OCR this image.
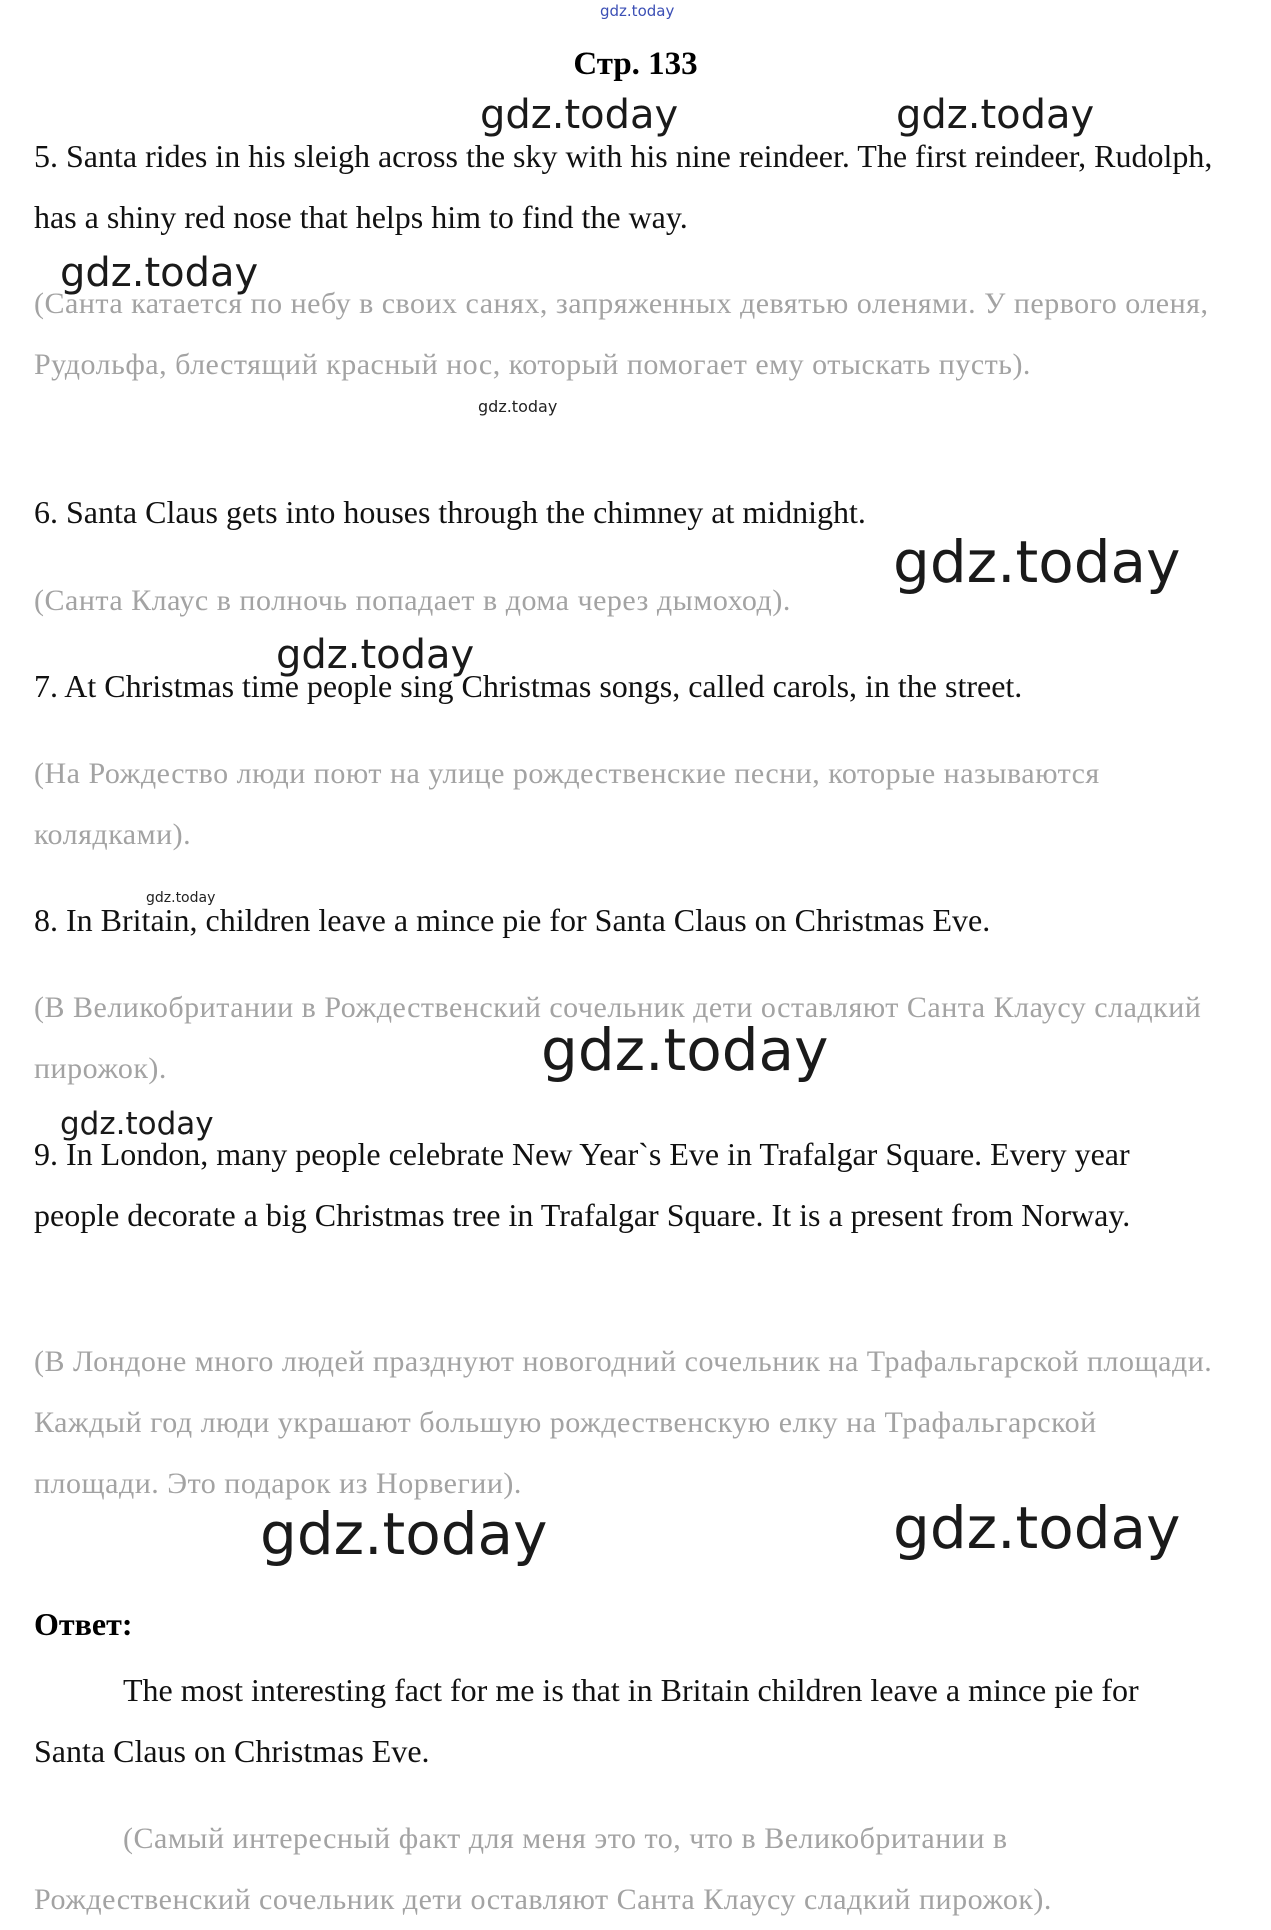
gdz.today
gdz.today	gdz.today
gdz.today
gdz.today
gdz.today
gdz.today
gdz.today
gdz.today
gdz.today
gdz.today	gdz.today
Стр. 133

5. Santa rides in his sleigh across the sky with his nine reindeer. The first reindeer, Rudolph, has a shiny red nose that helps him to find the way.

(Санта катается по небу в своих санях, запряженных девятью оленями. У первого оленя, Рудольфа, блестящий красный нос, который помогает ему отыскать пусть).

6. Santa Claus gets into houses through the chimney at midnight.

(Санта Клаус в полночь попадает в дома через дымоход).

7. At Christmas time people sing Christmas songs, called carols, in the street.

(На Рождество люди поют на улице рождественские песни, которые называются колядками).

8. In Britain, children leave a mince pie for Santa Claus on Christmas Eve.

(В Великобритании в Рождественский сочельник дети оставляют Санта Клаусу сладкий пирожок).

9. In London, many people celebrate New Year`s Eve in Trafalgar Square. Every year people decorate a big Christmas tree in Trafalgar Square. It is a present from Norway.

(В Лондоне много людей празднуют новогодний сочельник на Трафальгарской площади. Каждый год люди украшают большую рождественскую елку на Трафальгарской площади. Это подарок из Норвегии).

Ответ:

The most interesting fact for me is that in Britain children leave a mince pie for Santa Claus on Christmas Eve.

(Самый интересный факт для меня это то, что в Великобритании в Рождественский сочельник дети оставляют Санта Клаусу сладкий пирожок).
